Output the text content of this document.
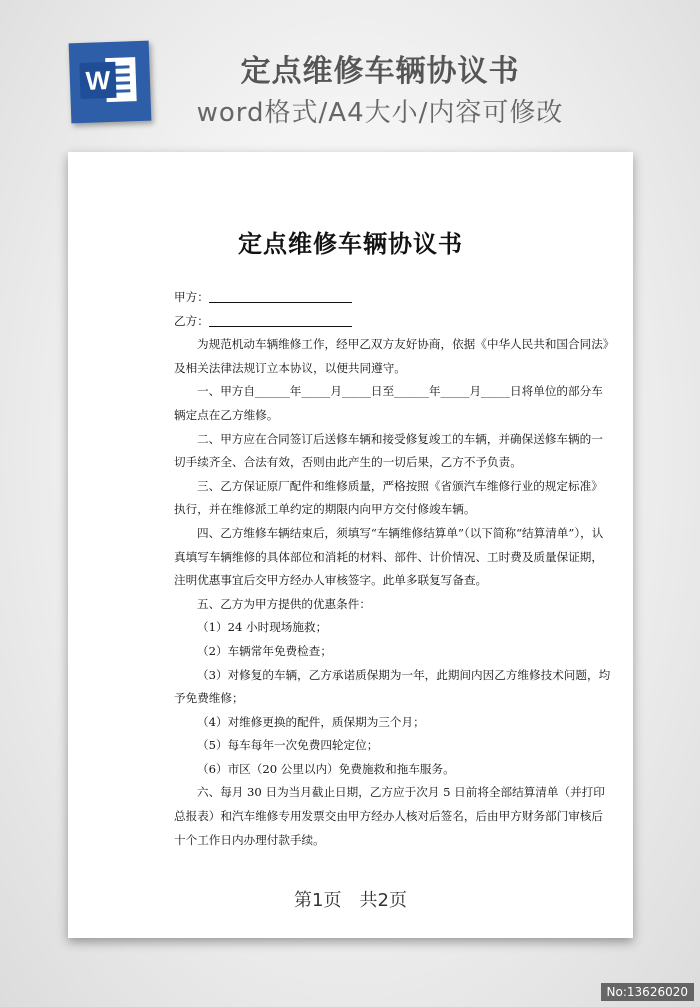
W	定点维修车辆协议书
word格式/A4大小/内容可修改
定点维修车辆协议书

甲方：

乙方：

为规范机动车辆维修工作，经甲乙双方友好协商，依据《中华人民共和国合同法》及相关法律法规订立本协议，以便共同遵守。

一、甲方自______年_____月_____日至______年_____月_____日将单位的部分车辆定点在乙方维修。

二、甲方应在合同签订后送修车辆和接受修复竣工的车辆，并确保送修车辆的一切手续齐全、合法有效，否则由此产生的一切后果，乙方不予负责。

三、乙方保证原厂配件和维修质量，严格按照《省颁汽车维修行业的规定标准》执行，并在维修派工单约定的期限内向甲方交付修竣车辆。

四、乙方维修车辆结束后，须填写“车辆维修结算单”（以下简称“结算清单”），认真填写车辆维修的具体部位和消耗的材料、部件、计价情况、工时费及质量保证期，注明优惠事宜后交甲方经办人审核签字。此单多联复写备查。

五、乙方为甲方提供的优惠条件：

（1）24 小时现场施救；

（2）车辆常年免费检查；

（3）对修复的车辆，乙方承诺质保期为一年，此期间内因乙方维修技术问题，均予免费维修；

（4）对维修更换的配件，质保期为三个月；

（5）每车每年一次免费四轮定位；

（6）市区（20 公里以内）免费施救和拖车服务。

六、每月 30 日为当月截止日期，乙方应于次月 5 日前将全部结算清单（并打印总报表）和汽车维修专用发票交由甲方经办人核对后签名，后由甲方财务部门审核后十个工作日内办理付款手续。

第1页　共2页
No:13626020
